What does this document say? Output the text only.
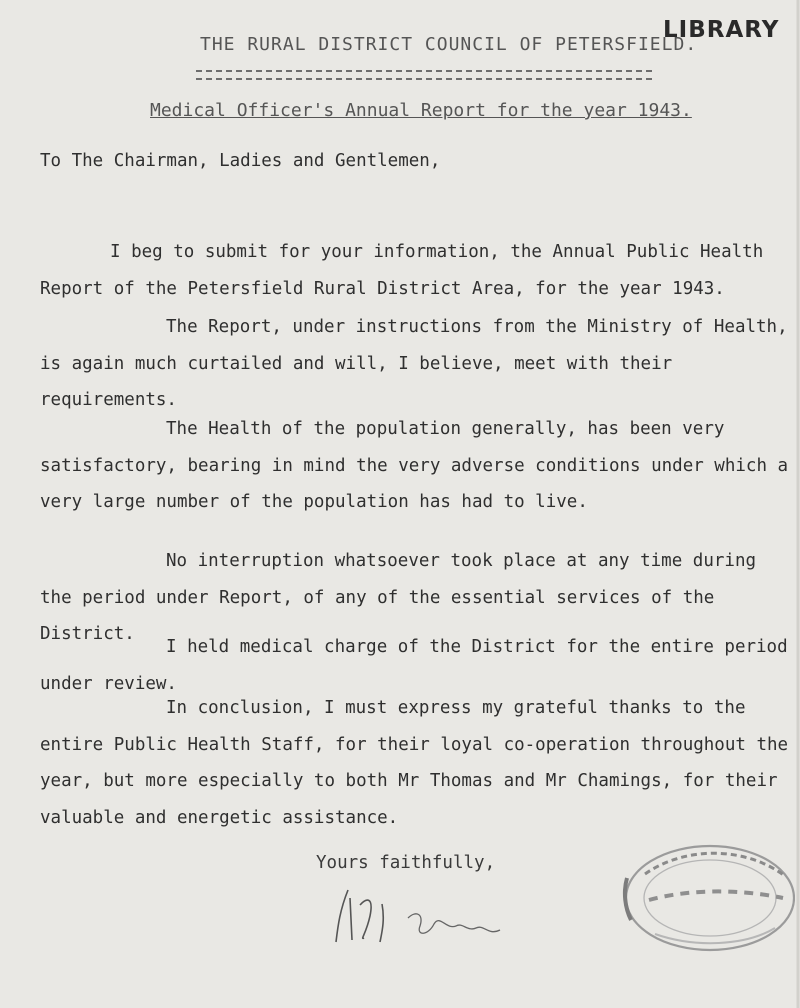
LIBRARY
THE RURAL DISTRICT COUNCIL OF PETERSFIELD.
Medical Officer's Annual Report for the year 1943.

To The Chairman, Ladies and Gentlemen,

I beg to submit for your information, the Annual Public Health Report of the Petersfield Rural District Area, for the year 1943.

The Report, under instructions from the Ministry of Health, is again much curtailed and will, I believe, meet with their requirements.

The Health of the population generally, has been very satisfactory, bearing in mind the very adverse conditions under which a very large number of the population has had to live.

No interruption whatsoever took place at any time during the period under Report, of any of the essential services of the District.

I held medical charge of the District for the entire period under review.

In conclusion, I must express my grateful thanks to the entire Public Health Staff, for their loyal co-operation throughout the year, but more especially to both Mr Thomas and Mr Chamings, for their valuable and energetic assistance.

Yours faithfully,
